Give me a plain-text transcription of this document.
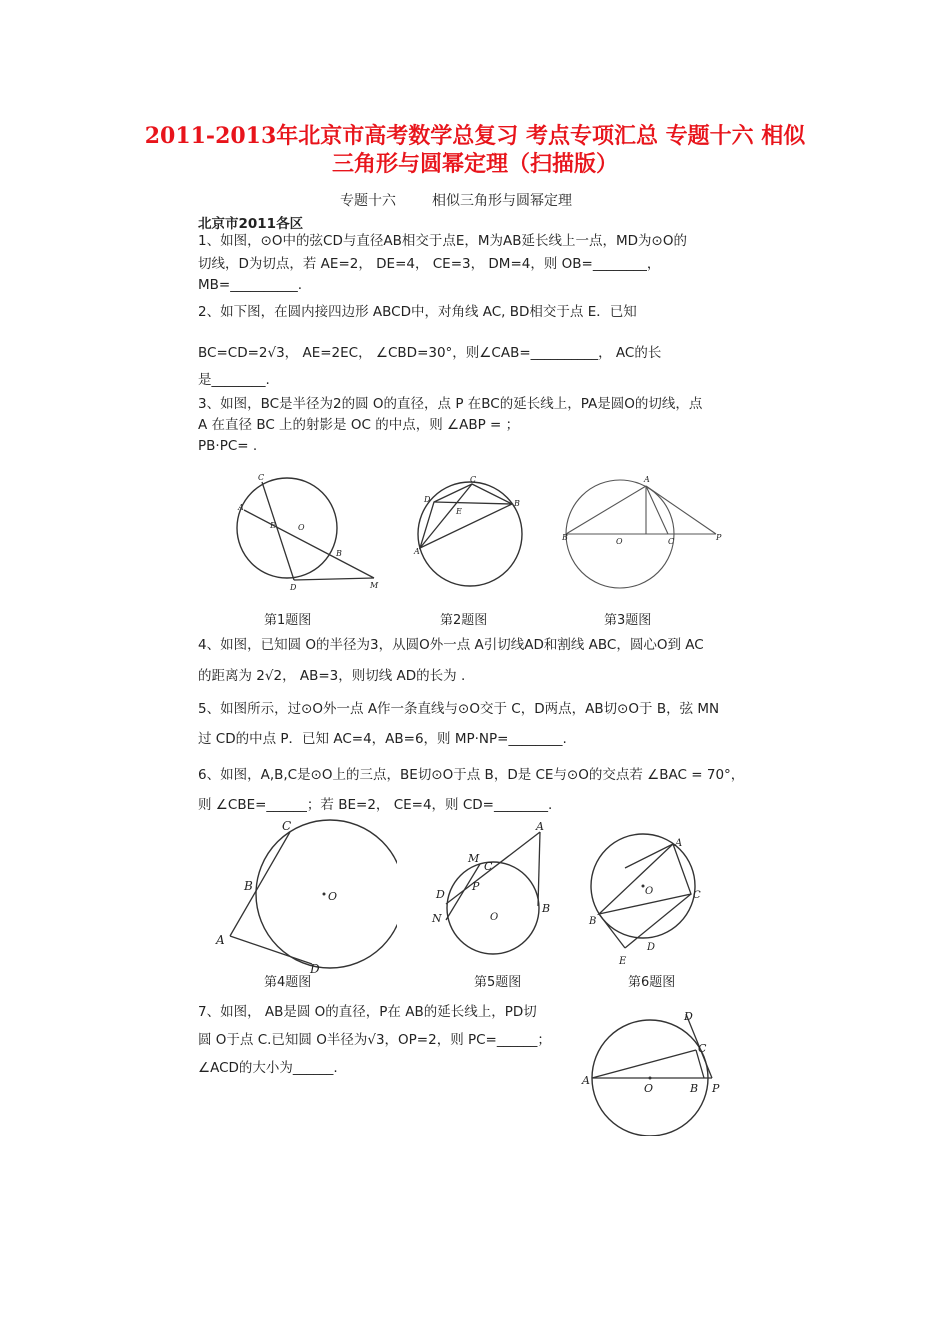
2011-2013年北京市高考数学总复习 考点专项汇总 专题十六 相似
三角形与圆幂定理（扫描版）
专题十六	相似三角形与圆幂定理
北京市2011各区
1、如图，⊙O中的弦CD与直径AB相交于点E，M为AB延长线上一点，MD为⊙O的
切线，D为切点，若 AE=2， DE=4， CE=3， DM=4，则 OB=________，
MB=__________.
2、如下图，在圆内接四边形 ABCD中，对角线 AC, BD相交于点 E．已知
BC=CD=2√3， AE=2EC， ∠CBD=30°，则∠CAB=__________， AC的长
是________.
3、如图，BC是半径为2的圆 O的直径，点 P 在BC的延长线上，PA是圆O的切线，点
A 在直径 BC 上的射影是 OC 的中点，则 ∠ABP = ；
PB·PC= .
C
A
E	O
B
D	M
C
D	B
E
A
A
B	O	C	P
第1题图	第2题图	第3题图
4、如图，已知圆 O的半径为3，从圆O外一点 A引切线AD和割线 ABC，圆心O到 AC
的距离为 2√2， AB=3，则切线 AD的长为 .
5、如图所示，过⊙O外一点 A作一条直线与⊙O交于 C，D两点，AB切⊙O于 B，弦 MN
过 CD的中点 P．已知 AC=4，AB=6，则 MP·NP=________.
6、如图，A,B,C是⊙O上的三点，BE切⊙O于点 B，D是 CE与⊙O的交点若 ∠BAC = 70°，
则 ∠CBE=______；若 BE=2， CE=4，则 CD=________.
C
B
A
O
D
A
M
C
P
D
N	O
B
A
C
B
O
D
E
第4题图	第5题图	第6题图
7、如图， AB是圆 O的直径，P在 AB的延长线上，PD切
圆 O于点 C.已知圆 O半径为√3，OP=2，则 PC=______；
∠ACD的大小为______.
D
C
A
O	B P
